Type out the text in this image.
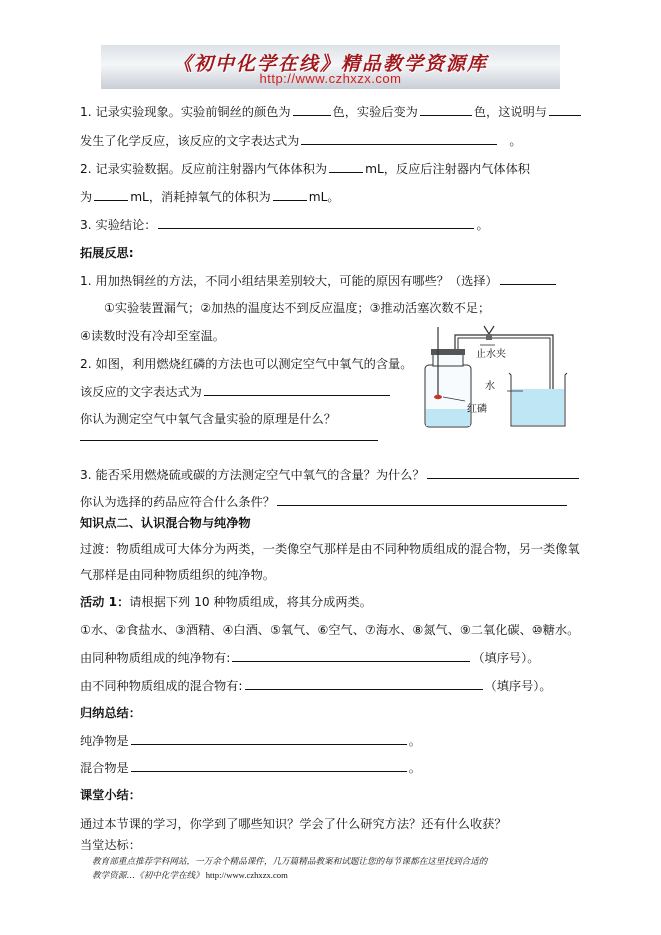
《初中化学在线》精品教学资源库
http://www.czhxzx.com
1. 记录实验现象。实验前铜丝的颜色为	色，实验后变为	色，这说明与
发生了化学反应，该反应的文字表达式为	。
2. 记录实验数据。反应前注射器内气体体积为	mL，反应后注射器内气体体积
为	mL，消耗掉氧气的体积为	mL。
3. 实验结论：	。
拓展反思:
1. 用加热铜丝的方法，不同小组结果差别较大，可能的原因有哪些？（选择）
①实验装置漏气；②加热的温度达不到反应温度；③推动活塞次数不足；
④读数时没有冷却至室温。
2. 如图，利用燃烧红磷的方法也可以测定空气中氧气的含量。
该反应的文字表达式为
你认为测定空气中氧气含量实验的原理是什么？
止水夹
水
红磷
3. 能否采用燃烧硫或碳的方法测定空气中氧气的含量？为什么？
你认为选择的药品应符合什么条件？
知识点二、认识混合物与纯净物
过渡：物质组成可大体分为两类，一类像空气那样是由不同种物质组成的混合物，另一类像氧
气那样是由同种物质组织的纯净物。
活动 1：请根据下列 10 种物质组成，将其分成两类。
①水、②食盐水、③酒精、④白酒、⑤氧气、⑥空气、⑦海水、⑧氮气、⑨二氧化碳、⑩糖水。
由同种物质组成的纯净物有:	（填序号）。
由不同种物质组成的混合物有:	（填序号）。
归纳总结：
纯净物是	。
混合物是	。
课堂小结：
通过本节课的学习，你学到了哪些知识？学会了什么研究方法？还有什么收获？
当堂达标：
教育部重点推荐学科网站，一万余个精品课件，几万篇精品教案和试题让您的每节课都在这里找到合适的
教学资源…《初中化学在线》 http://www.czhxzx.com
